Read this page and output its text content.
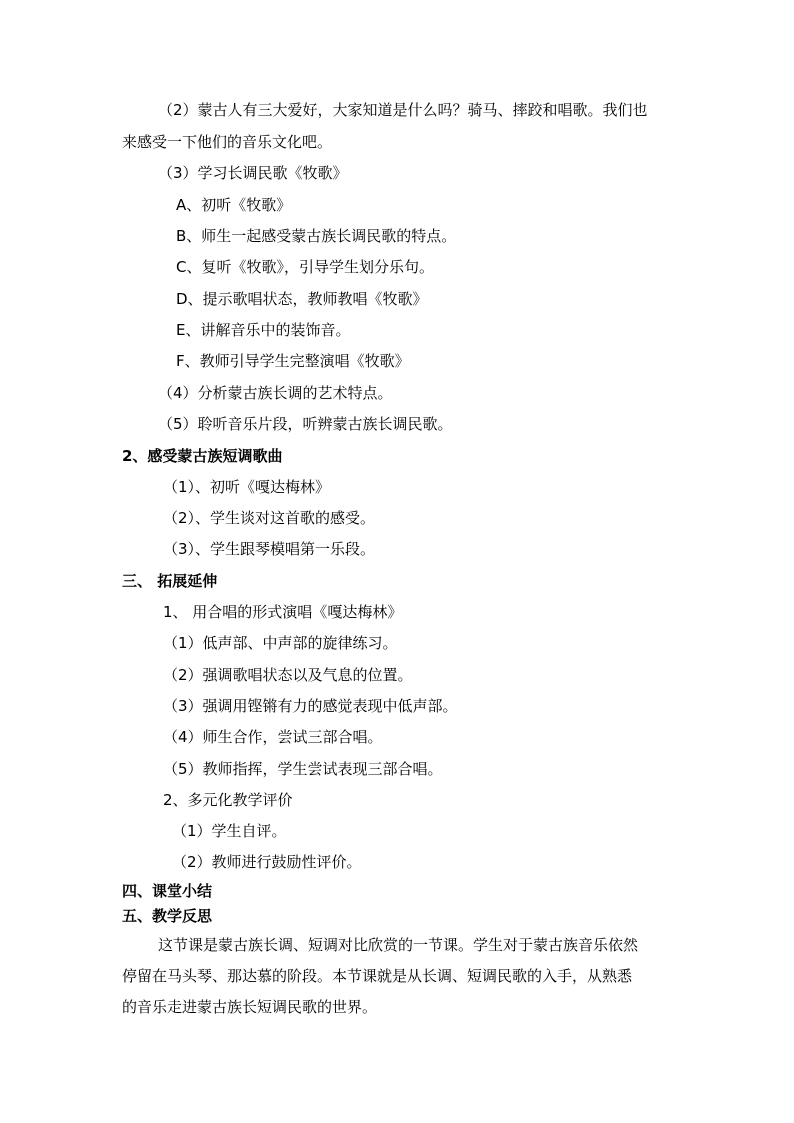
（2）蒙古人有三大爱好，大家知道是什么吗？骑马、摔跤和唱歌。我们也
来感受一下他们的音乐文化吧。
（3）学习长调民歌《牧歌》
A、初听《牧歌》
B、师生一起感受蒙古族长调民歌的特点。
C、复听《牧歌》，引导学生划分乐句。
D、提示歌唱状态，教师教唱《牧歌》
E、讲解音乐中的装饰音。
F、教师引导学生完整演唱《牧歌》
（4）分析蒙古族长调的艺术特点。
（5）聆听音乐片段，听辨蒙古族长调民歌。
2、感受蒙古族短调歌曲
（1）、初听《嘎达梅林》
（2）、学生谈对这首歌的感受。
（3）、学生跟琴模唱第一乐段。
三、 拓展延伸
1、 用合唱的形式演唱《嘎达梅林》
（1）低声部、中声部的旋律练习。
（2）强调歌唱状态以及气息的位置。
（3）强调用铿锵有力的感觉表现中低声部。
（4）师生合作，尝试三部合唱。
（5）教师指挥，学生尝试表现三部合唱。
2、多元化教学评价
（1）学生自评。
（2）教师进行鼓励性评价。
四、课堂小结
五、教学反思
这节课是蒙古族长调、短调对比欣赏的一节课。学生对于蒙古族音乐依然
停留在马头琴、那达慕的阶段。本节课就是从长调、短调民歌的入手，从熟悉
的音乐走进蒙古族长短调民歌的世界。
